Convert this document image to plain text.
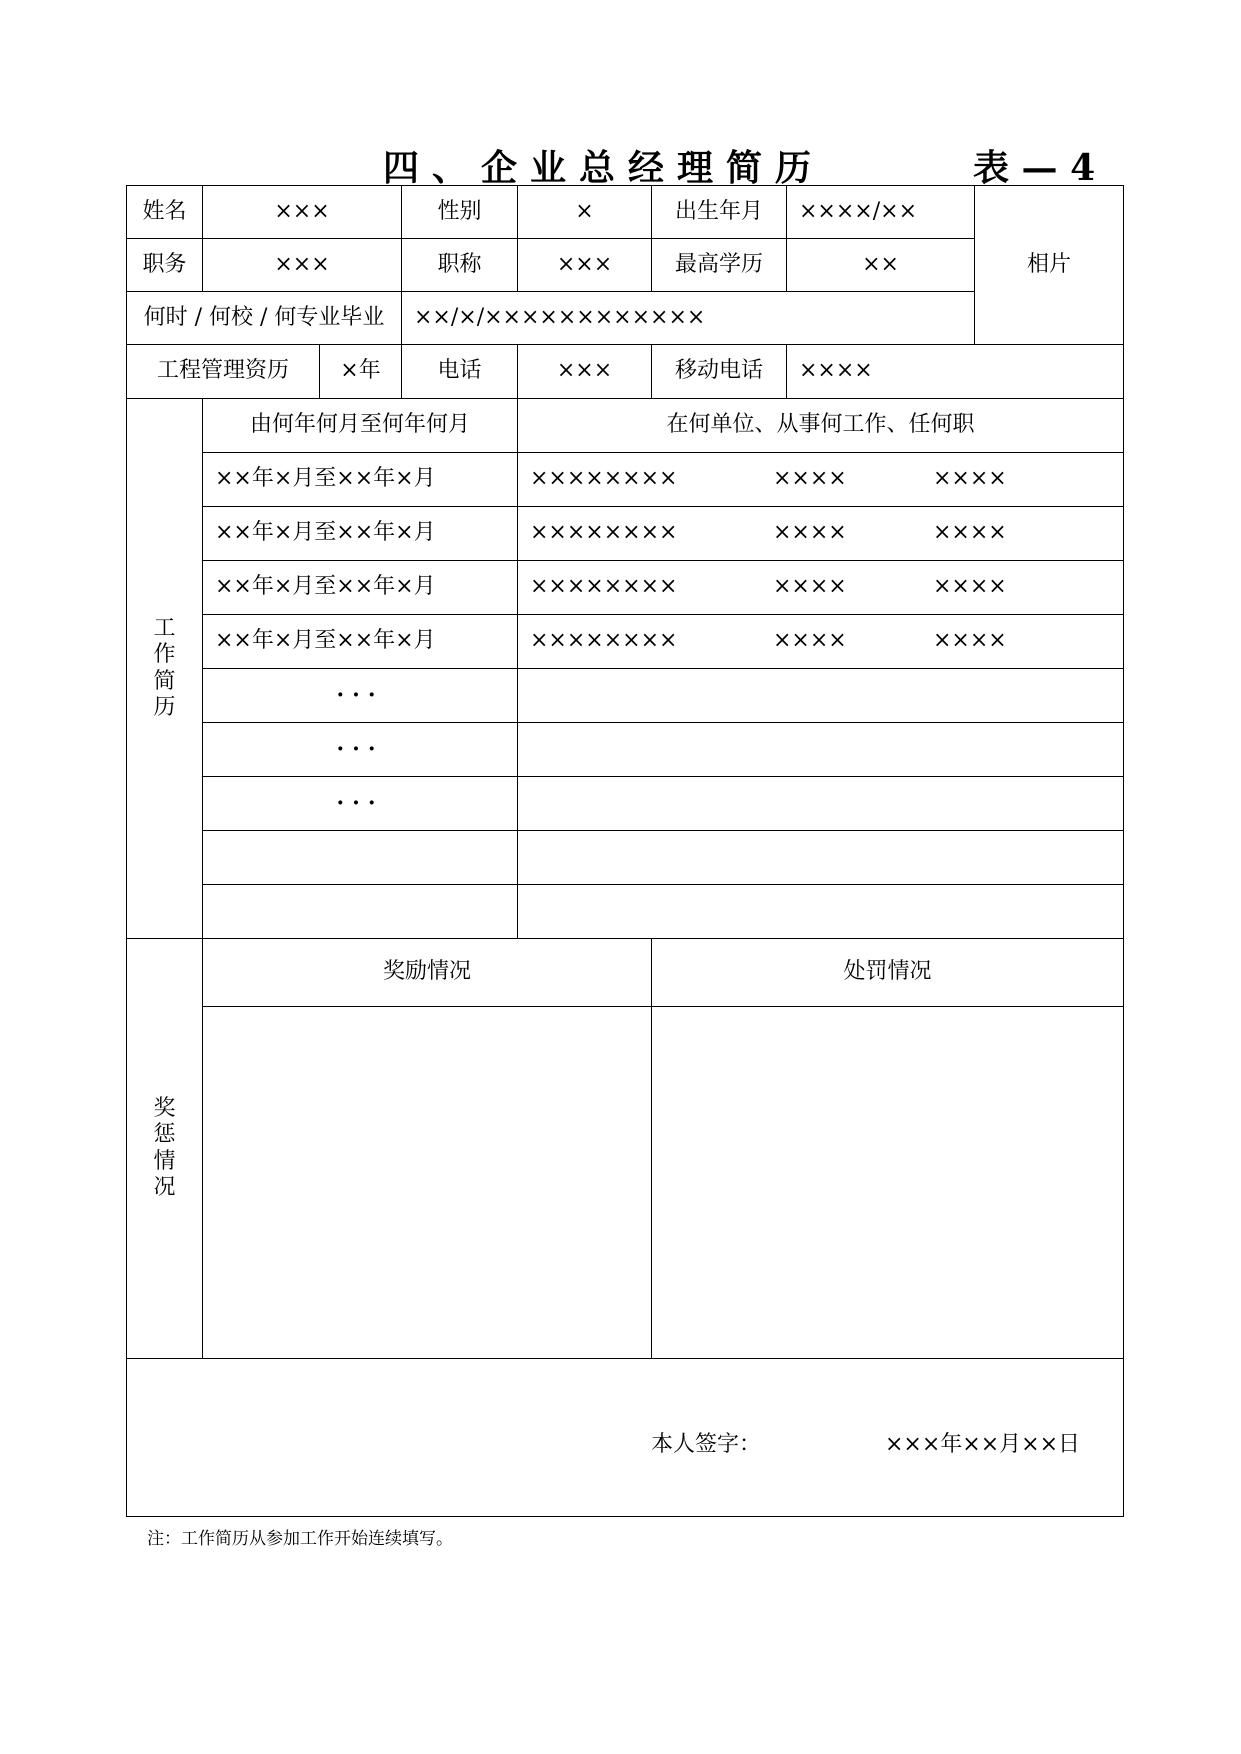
四、企业总经理简历	表 — 4
姓名	×××		性别	×	出生年月	××××/××	相片
职务	×××		职称	×××	最高学历	××	
何时 / 何校 / 何专业毕业			××/×/××××××××××××				
工程管理资历		×年	电话	×××	移动电话	××××	

工
作
简
历	由何年何月至何年何月			在何单位、从事何工作、任何职			
	××年×月至××年×月			×××××××× ×××× ××××			

	××年×月至××年×月			×××××××× ×××× ××××			

	××年×月至××年×月			×××××××× ×××× ××××			

	××年×月至××年×月			×××××××× ×××× ××××			

	···						
	···						
	···						

奖
惩
情
况	奖励情况				处罚情况		

本人签字： ×××年××月××日							
注：工作简历从参加工作开始连续填写。
